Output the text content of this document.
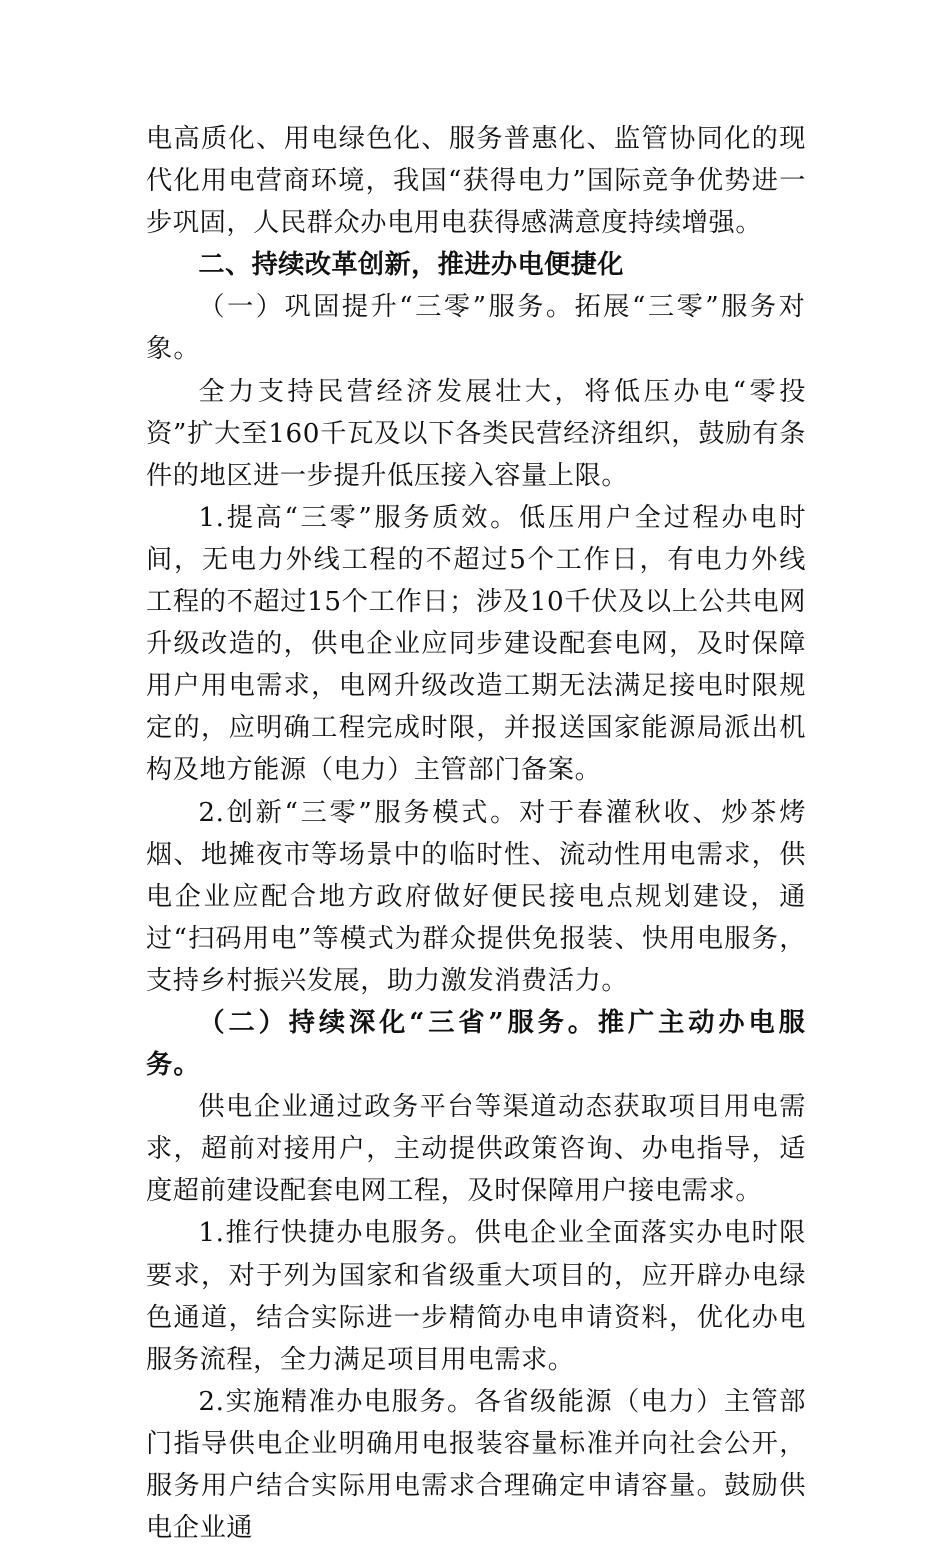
电高质化、用电绿色化、服务普惠化、监管协同化的现代化用电营商环境，我国“获得电力”国际竞争优势进一步巩固，人民群众办电用电获得感满意度持续增强。

二、持续改革创新，推进办电便捷化

（一）巩固提升“三零”服务。拓展“三零”服务对象。

全力支持民营经济发展壮大，将低压办电“零投资”扩大至160千瓦及以下各类民营经济组织，鼓励有条件的地区进一步提升低压接入容量上限。

1.提高“三零”服务质效。低压用户全过程办电时间，无电力外线工程的不超过5个工作日，有电力外线工程的不超过15个工作日；涉及10千伏及以上公共电网升级改造的，供电企业应同步建设配套电网，及时保障用户用电需求，电网升级改造工期无法满足接电时限规定的，应明确工程完成时限，并报送国家能源局派出机构及地方能源（电力）主管部门备案。

2.创新“三零”服务模式。对于春灌秋收、炒茶烤烟、地摊夜市等场景中的临时性、流动性用电需求，供电企业应配合地方政府做好便民接电点规划建设，通过“扫码用电”等模式为群众提供免报装、快用电服务，支持乡村振兴发展，助力激发消费活力。

（二）持续深化“三省”服务。推广主动办电服务。

供电企业通过政务平台等渠道动态获取项目用电需求，超前对接用户，主动提供政策咨询、办电指导，适度超前建设配套电网工程，及时保障用户接电需求。

1.推行快捷办电服务。供电企业全面落实办电时限要求，对于列为国家和省级重大项目的，应开辟办电绿色通道，结合实际进一步精简办电申请资料，优化办电服务流程，全力满足项目用电需求。

2.实施精准办电服务。各省级能源（电力）主管部门指导供电企业明确用电报装容量标准并向社会公开，服务用户结合实际用电需求合理确定申请容量。鼓励供电企业通
